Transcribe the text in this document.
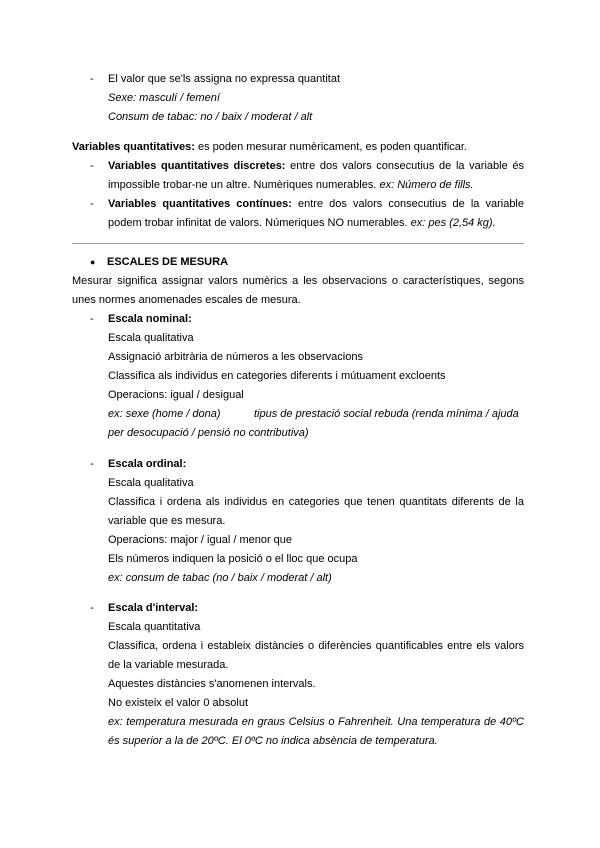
- El valor que se'ls assigna no expressa quantitat
Sexe: masculí / femení
Consum de tabac: no / baix / moderat / alt
Variables quantitatives: es poden mesurar numèricament, es poden quantificar.
- Variables quantitatives discretes: entre dos valors consecutius de la variable és
impossible trobar-ne un altre. Numèriques numerables. ex: Número de fills.
- Variables quantitatives contínues: entre dos valors consecutius de la variable
podem trobar infinitat de valors. Númeriques NO numerables. ex: pes (2,54 kg).
● ESCALES DE MESURA
Mesurar significa assignar valors numèrics a les observacions o característiques, segons
unes normes anomenades escales de mesura.
- Escala nominal:
Escala qualitativa
Assignació arbitrària de números a les observacions
Classifica als individus en categories diferents i mútuament excloents
Operacions: igual / desigual
ex: sexe (home / dona)	tipus de prestació social rebuda (renda mínima / ajuda
per desocupació / pensió no contributiva)
- Escala ordinal:
Escala qualitativa
Classifica i ordena als individus en categories que tenen quantitats diferents de la
variable que es mesura.
Operacions: major / igual / menor que
Els números indiquen la posició o el lloc que ocupa
ex: consum de tabac (no / baix / moderat / alt)
- Escala d'interval:
Escala quantitativa
Classifica, ordena i estableix distàncies o diferències quantificables entre els valors
de la variable mesurada.
Aquestes distàncies s'anomenen intervals.
No existeix el valor 0 absolut
ex: temperatura mesurada en graus Celsius o Fahrenheit. Una temperatura de 40ºC
és superior a la de 20ºC. El 0ºC no indica absència de temperatura.
